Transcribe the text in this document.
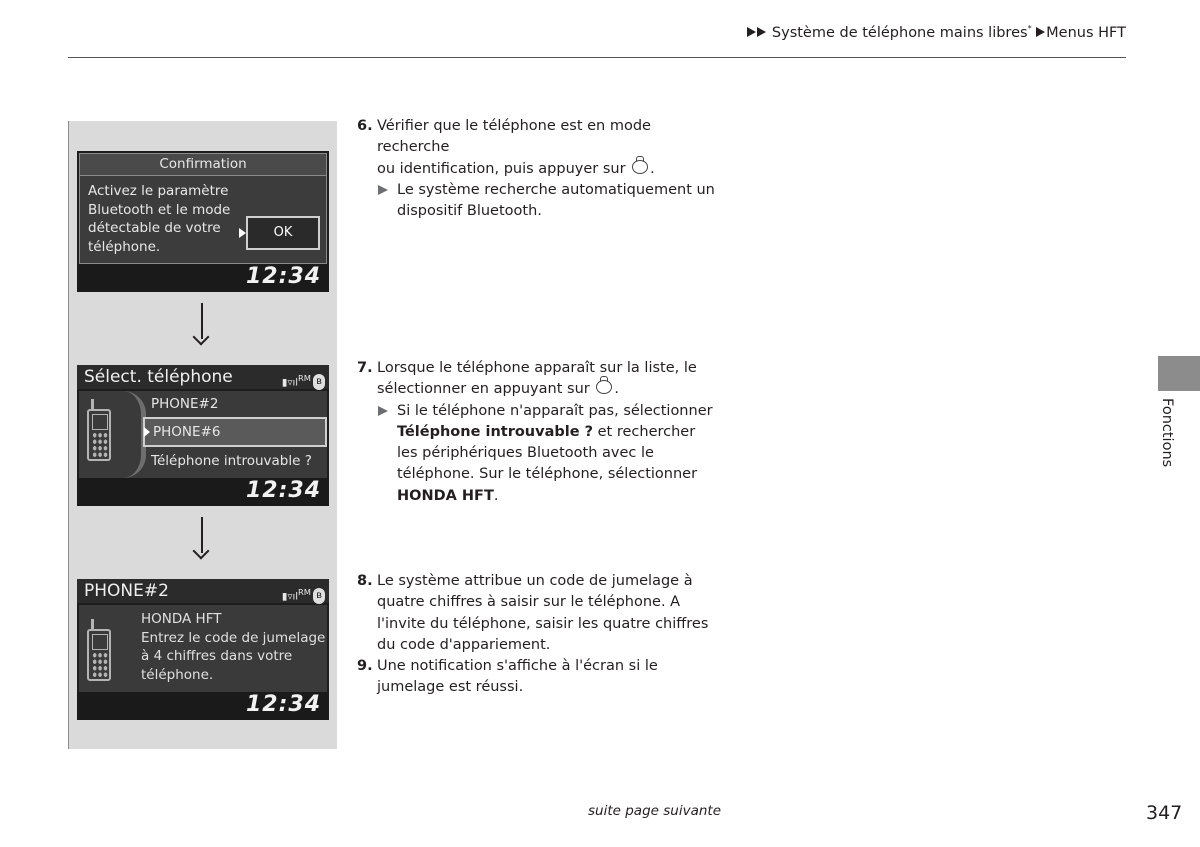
Système de téléphone mains libres* Menus HFT
Confirmation
Activez le paramètre
Bluetooth et le mode
détectable de votre
téléphone.
OK
12:34
Sélect. téléphone	$▮▿ıl^{RM}$ ʙ
PHONE#2
PHONE#6
Téléphone introuvable ?
12:34
PHONE#2	$▮▿ıl^{RM}$ ʙ
HONDA HFT
Entrez le code de jumelage
à 4 chiffres dans votre
téléphone.
12:34
6. Vérifier que le téléphone est en mode recherche
ou identification, puis appuyer sur .
Le système recherche automatiquement un dispositif Bluetooth.
7. Lorsque le téléphone apparaît sur la liste, le
sélectionner en appuyant sur .
Si le téléphone n'apparaît pas, sélectionner Téléphone introuvable ? et rechercher les périphériques Bluetooth avec le téléphone. Sur le téléphone, sélectionner HONDA HFT.
8. Le système attribue un code de jumelage à quatre chiffres à saisir sur le téléphone. A l'invite du téléphone, saisir les quatre chiffres du code d'appariement.
9. Une notification s'affiche à l'écran si le jumelage est réussi.
Fonctions
suite page suivante	347
